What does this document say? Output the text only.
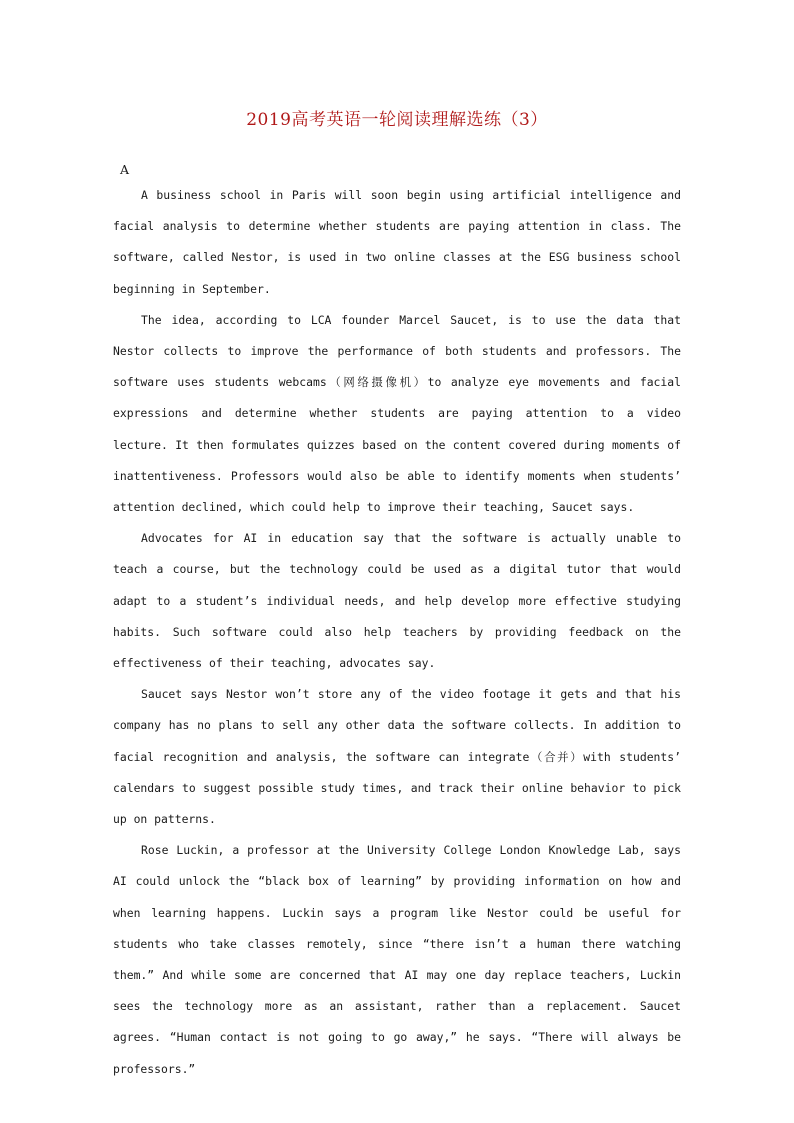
2019高考英语一轮阅读理解选练（3）
A

A business school in Paris will soon begin using artificial intelligence and facial analysis to determine whether students are paying attention in class. The software, called Nestor, is used in two online classes at the ESG business school beginning in September.

The idea, according to LCA founder Marcel Saucet, is to use the data that Nestor collects to improve the performance of both students and professors. The software uses students webcams（网络摄像机）to analyze eye movements and facial expressions and determine whether students are paying attention to a video lecture. It then formulates quizzes based on the content covered during moments of inattentiveness. Professors would also be able to identify moments when students’ attention declined, which could help to improve their teaching, Saucet says.

Advocates for AI in education say that the software is actually unable to teach a course, but the technology could be used as a digital tutor that would adapt to a student’s individual needs, and help develop more effective studying habits. Such software could also help teachers by providing feedback on the effectiveness of their teaching, advocates say.

Saucet says Nestor won’t store any of the video footage it gets and that his company has no plans to sell any other data the software collects. In addition to facial recognition and analysis, the software can integrate（合并）with students’ calendars to suggest possible study times, and track their online behavior to pick up on patterns.

Rose Luckin, a professor at the University College London Knowledge Lab, says AI could unlock the “black box of learning” by providing information on how and when learning happens. Luckin says a program like Nestor could be useful for students who take classes remotely, since “there isn’t a human there watching them.” And while some are concerned that AI may one day replace teachers, Luckin sees the technology more as an assistant, rather than a replacement. Saucet agrees. “Human contact is not going to go away,” he says. “There will always be professors.”
